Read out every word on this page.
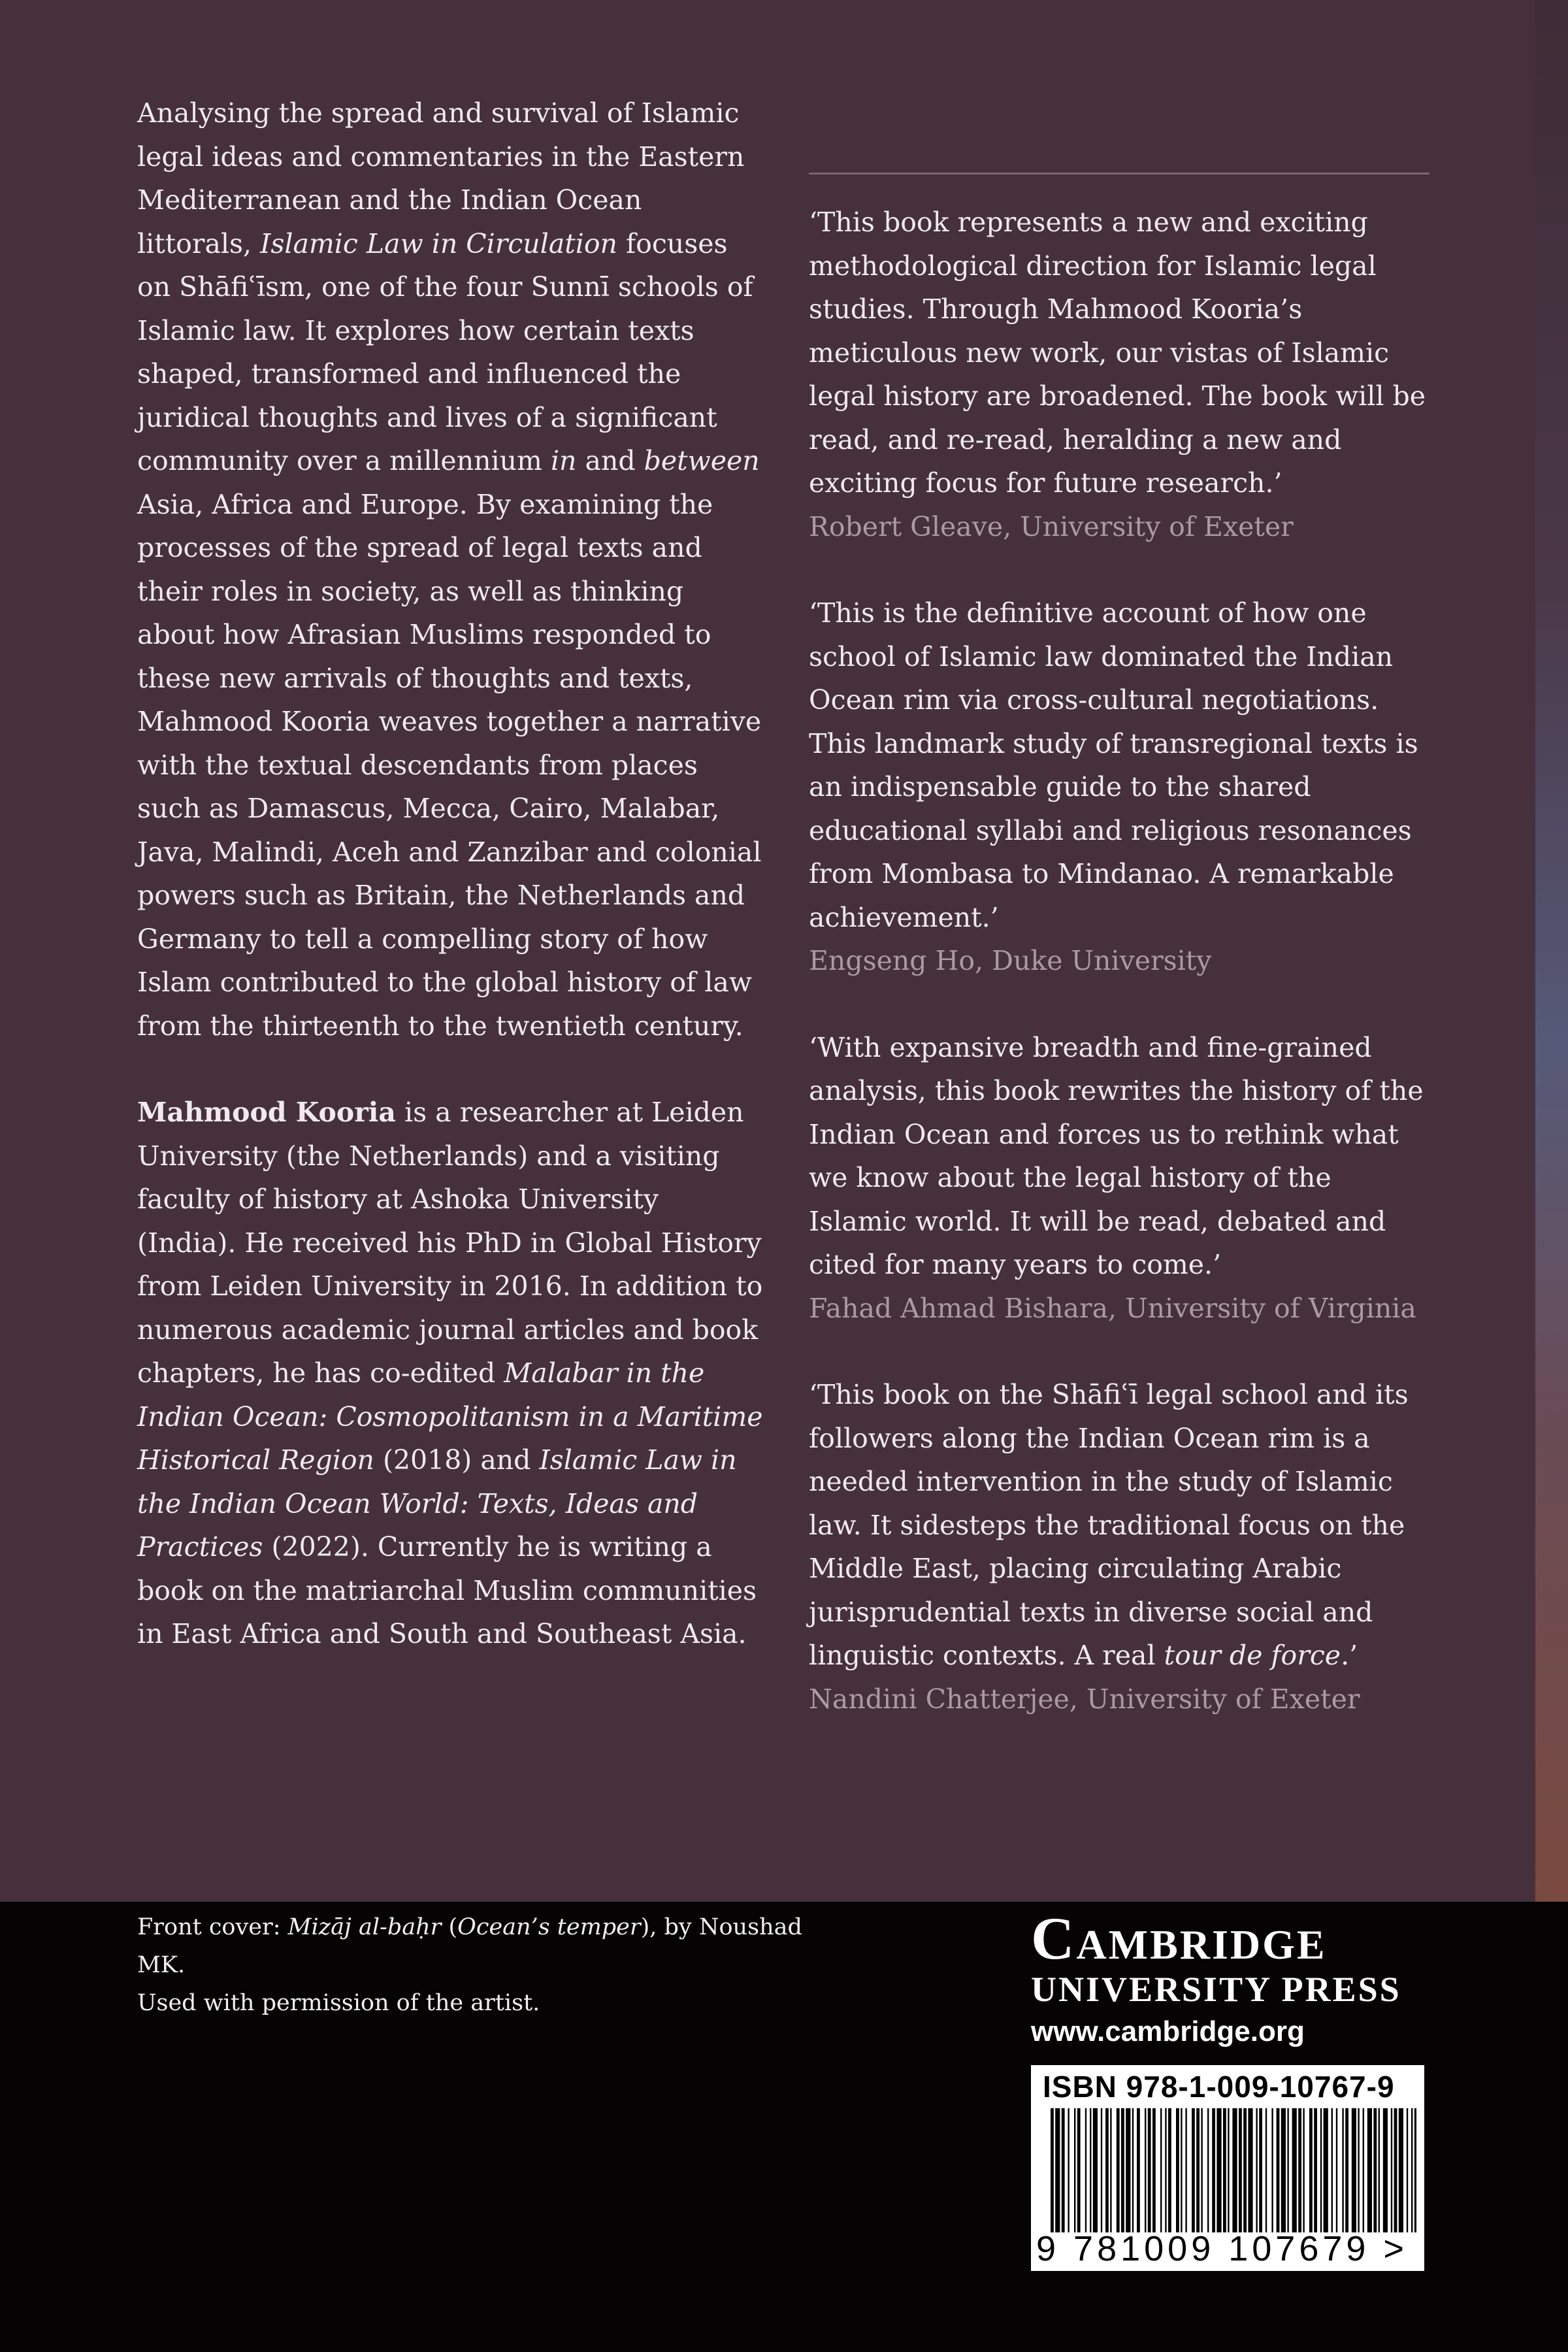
Analysing the spread and survival of Islamic legal ideas and commentaries in the Eastern Mediterranean and the Indian Ocean littorals, Islamic Law in Circulation focuses on Shāfiʿīsm, one of the four Sunnī schools of Islamic law. It explores how certain texts shaped, transformed and influenced the juridical thoughts and lives of a significant community over a millennium in and between Asia, Africa and Europe. By examining the processes of the spread of legal texts and their roles in society, as well as thinking about how Afrasian Muslims responded to these new arrivals of thoughts and texts, Mahmood Kooria weaves together a narrative with the textual descendants from places such as Damascus, Mecca, Cairo, Malabar, Java, Malindi, Aceh and Zanzibar and colonial powers such as Britain, the Netherlands and Germany to tell a compelling story of how Islam contributed to the global history of law from the thirteenth to the twentieth century.

Mahmood Kooria is a researcher at Leiden University (the Netherlands) and a visiting faculty of history at Ashoka University (India). He received his PhD in Global History from Leiden University in 2016. In addition to numerous academic journal articles and book chapters, he has co-edited Malabar in the Indian Ocean: Cosmopolitanism in a Maritime Historical Region (2018) and Islamic Law in the Indian Ocean World: Texts, Ideas and Practices (2022). Currently he is writing a book on the matriarchal Muslim communities in East Africa and South and Southeast Asia.

‘This book represents a new and exciting methodological direction for Islamic legal studies. Through Mahmood Kooria’s meticulous new work, our vistas of Islamic legal history are broadened. The book will be read, and re-read, heralding a new and exciting focus for future research.’
Robert Gleave, University of Exeter
‘This is the definitive account of how one school of Islamic law dominated the Indian Ocean rim via cross-cultural negotiations. This landmark study of transregional texts is an indispensable guide to the shared educational syllabi and religious resonances from Mombasa to Mindanao. A remarkable achievement.’
Engseng Ho, Duke University
‘With expansive breadth and fine-grained analysis, this book rewrites the history of the Indian Ocean and forces us to rethink what we know about the legal history of the Islamic world. It will be read, debated and cited for many years to come.’
Fahad Ahmad Bishara, University of Virginia
‘This book on the Shāfiʿī legal school and its followers along the Indian Ocean rim is a needed intervention in the study of Islamic law. It sidesteps the traditional focus on the Middle East, placing circulating Arabic jurisprudential texts in diverse social and linguistic contexts. A real tour de force.’
Nandini Chatterjee, University of Exeter
Front cover: Mizāj al-baḥr (Ocean’s temper), by Noushad MK.
Used with permission of the artist.
Cambridge
UNIVERSITY PRESS
www.cambridge.org
ISBN 978-1-009-10767-9
9 781009 107679 >
